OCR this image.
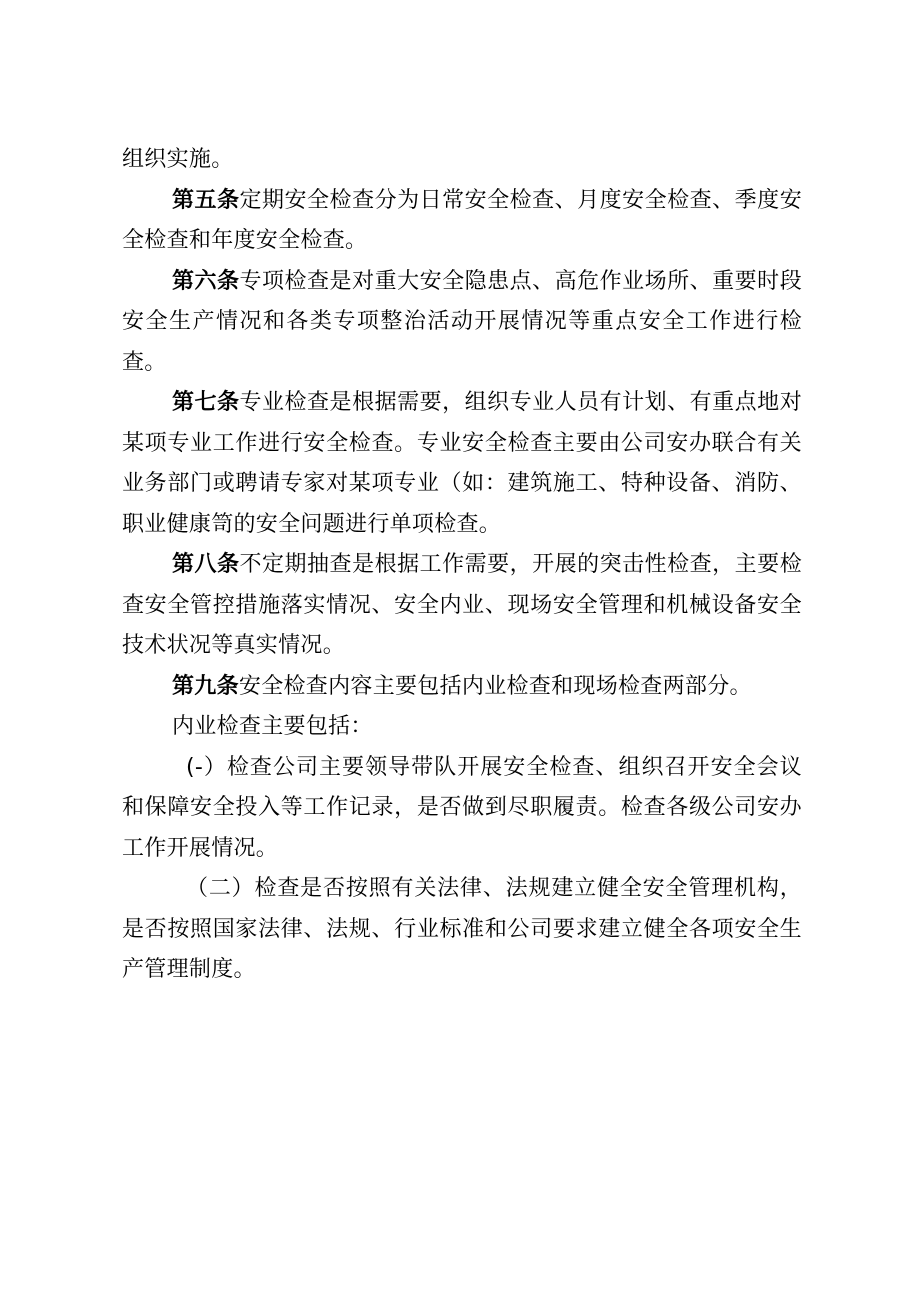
组织实施。

第五条定期安全检查分为日常安全检查、月度安全检查、季度安全检查和年度安全检查。

第六条专项检查是对重大安全隐患点、高危作业场所、重要时段安全生产情况和各类专项整治活动开展情况等重点安全工作进行检查。

第七条专业检查是根据需要，组织专业人员有计划、有重点地对某项专业工作进行安全检查。专业安全检查主要由公司安办联合有关业务部门或聘请专家对某项专业（如：建筑施工、特种设备、消防、职业健康笥的安全问题进行单项检查。

第八条不定期抽查是根据工作需要，开展的突击性检查，主要检查安全管控措施落实情况、安全内业、现场安全管理和机械设备安全技术状况等真实情况。

第九条安全检查内容主要包括内业检查和现场检查两部分。

内业检查主要包括：

(-）检查公司主要领导带队开展安全检查、组织召开安全会议和保障安全投入等工作记录，是否做到尽职履责。检查各级公司安办工作开展情况。

（二）检查是否按照有关法律、法规建立健全安全管理机构，是否按照国家法律、法规、行业标准和公司要求建立健全各项安全生产管理制度。
